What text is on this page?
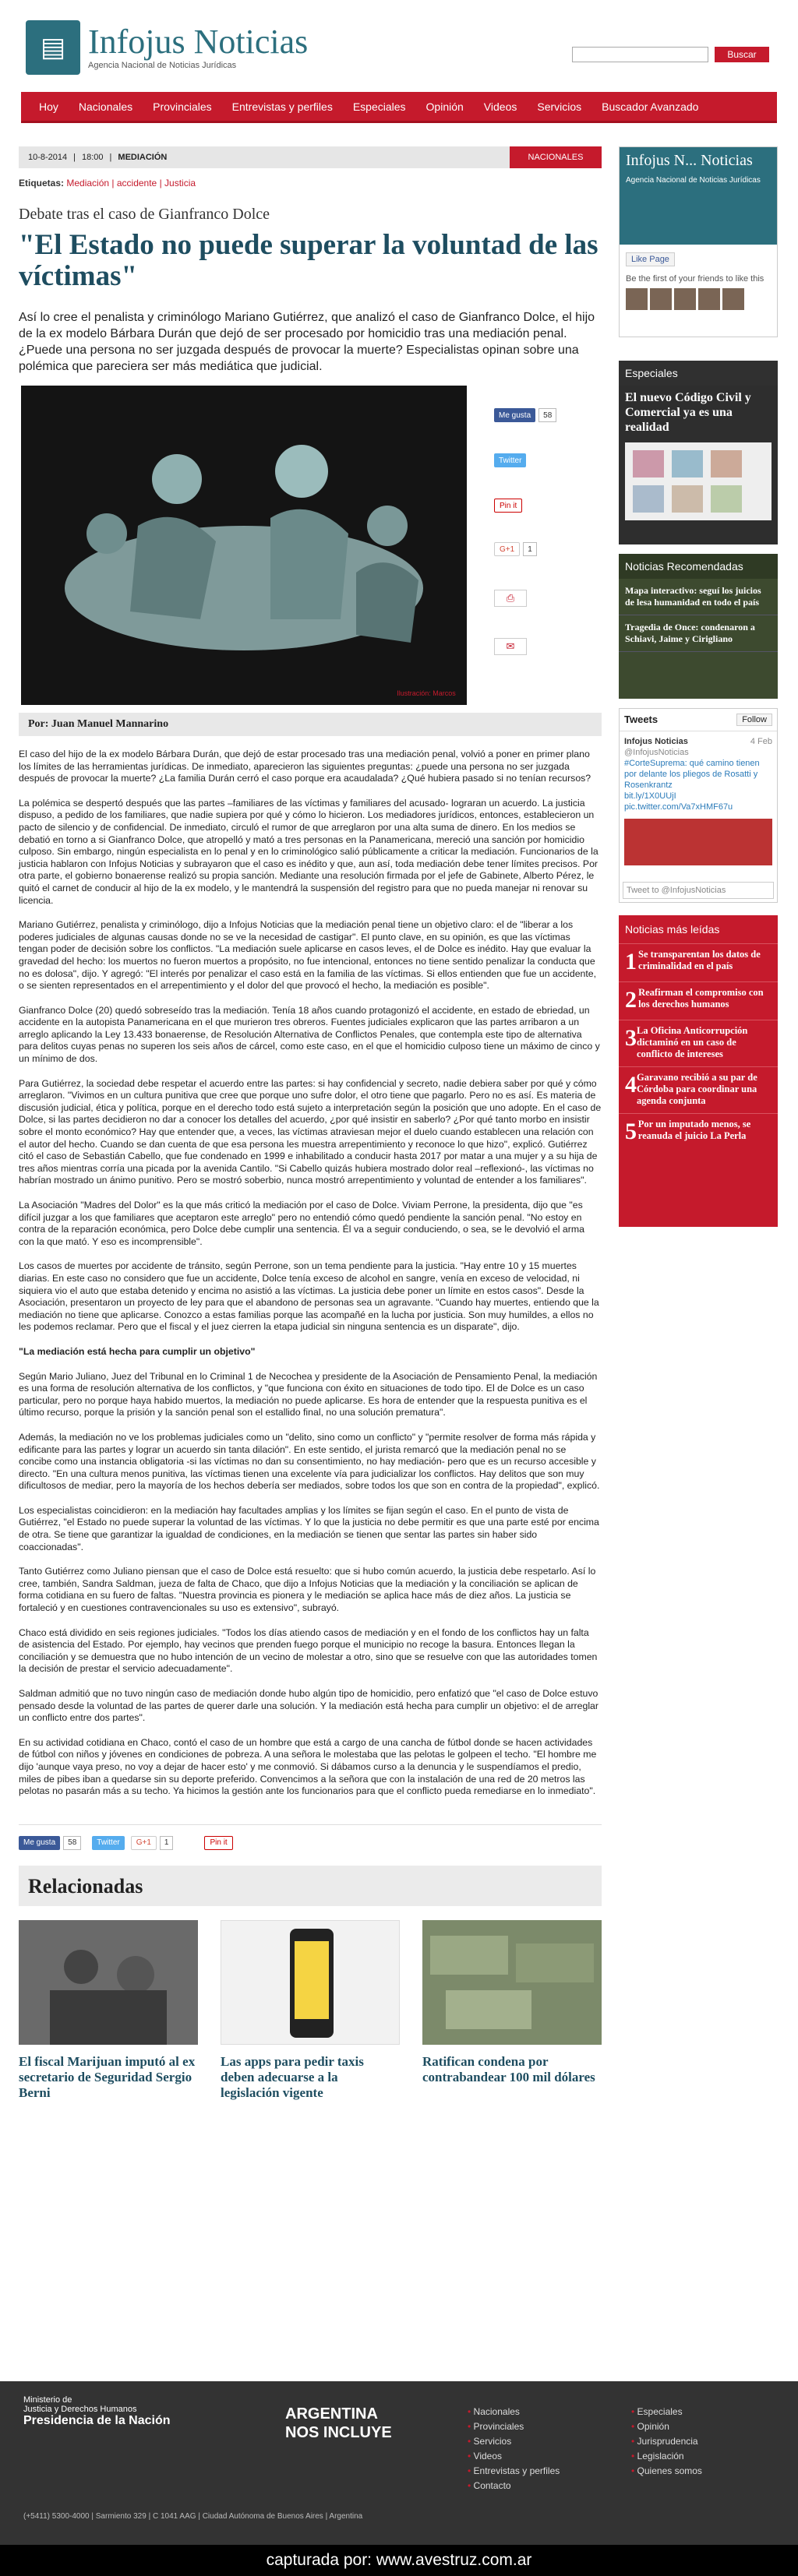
▤ Infojus Noticias
Agencia Nacional de Noticias Jurídicas
Buscar
Hoy	Nacionales	Provinciales	Entrevistas y perfiles	Especiales	Opinión	Videos	Servicios	Buscador Avanzado
10-8-2014 | 18:00 | MEDIACIÓN	NACIONALES
Etiquetas: Mediación | accidente | Justicia
Debate tras el caso de Gianfranco Dolce
"El Estado no puede superar la voluntad de las víctimas"
Así lo cree el penalista y criminólogo Mariano Gutiérrez, que analizó el caso de Gianfranco Dolce, el hijo de la ex modelo Bárbara Durán que dejó de ser procesado por homicidio tras una mediación penal. ¿Puede una persona no ser juzgada después de provocar la muerte? Especialistas opinan sobre una polémica que pareciera ser más mediática que judicial.
Ilustración: Marcos
Me gusta	58
Twitter
Pin it
G+1	1
⎙
✉
Por: Juan Manuel Mannarino

El caso del hijo de la ex modelo Bárbara Durán, que dejó de estar procesado tras una mediación penal, volvió a poner en primer plano los límites de las herramientas jurídicas. De inmediato, aparecieron las siguientes preguntas: ¿puede una persona no ser juzgada después de provocar la muerte? ¿La familia Durán cerró el caso porque era acaudalada? ¿Qué hubiera pasado si no tenían recursos?

La polémica se despertó después que las partes –familiares de las víctimas y familiares del acusado- lograran un acuerdo. La justicia dispuso, a pedido de los familiares, que nadie supiera por qué y cómo lo hicieron. Los mediadores jurídicos, entonces, establecieron un pacto de silencio y de confidencial. De inmediato, circuló el rumor de que arreglaron por una alta suma de dinero. En los medios se debatió en torno a si Gianfranco Dolce, que atropelló y mató a tres personas en la Panamericana, mereció una sanción por homicidio culposo. Sin embargo, ningún especialista en lo penal y en lo criminológico salió públicamente a criticar la mediación. Funcionarios de la justicia hablaron con Infojus Noticias y subrayaron que el caso es inédito y que, aun así, toda mediación debe tener límites precisos. Por otra parte, el gobierno bonaerense realizó su propia sanción. Mediante una resolución firmada por el jefe de Gabinete, Alberto Pérez, le quitó el carnet de conducir al hijo de la ex modelo, y le mantendrá la suspensión del registro para que no pueda manejar ni renovar su licencia.

Mariano Gutiérrez, penalista y criminólogo, dijo a Infojus Noticias que la mediación penal tiene un objetivo claro: el de "liberar a los poderes judiciales de algunas causas donde no se ve la necesidad de castigar". El punto clave, en su opinión, es que las víctimas tengan poder de decisión sobre los conflictos. "La mediación suele aplicarse en casos leves, el de Dolce es inédito. Hay que evaluar la gravedad del hecho: los muertos no fueron muertos a propósito, no fue intencional, entonces no tiene sentido penalizar la conducta que no es dolosa", dijo. Y agregó: "El interés por penalizar el caso está en la familia de las víctimas. Si ellos entienden que fue un accidente, o se sienten representados en el arrepentimiento y el dolor del que provocó el hecho, la mediación es posible".

Gianfranco Dolce (20) quedó sobreseído tras la mediación. Tenía 18 años cuando protagonizó el accidente, en estado de ebriedad, un accidente en la autopista Panamericana en el que murieron tres obreros. Fuentes judiciales explicaron que las partes arribaron a un arreglo aplicando la Ley 13.433 bonaerense, de Resolución Alternativa de Conflictos Penales, que contempla este tipo de alternativa para delitos cuyas penas no superen los seis años de cárcel, como este caso, en el que el homicidio culposo tiene un máximo de cinco y un mínimo de dos.

Para Gutiérrez, la sociedad debe respetar el acuerdo entre las partes: si hay confidencial y secreto, nadie debiera saber por qué y cómo arreglaron. "Vivimos en un cultura punitiva que cree que porque uno sufre dolor, el otro tiene que pagarlo. Pero no es así. Es materia de discusión judicial, ética y política, porque en el derecho todo está sujeto a interpretación según la posición que uno adopte. En el caso de Dolce, si las partes decidieron no dar a conocer los detalles del acuerdo, ¿por qué insistir en saberlo? ¿Por qué tanto morbo en insistir sobre el monto económico? Hay que entender que, a veces, las víctimas atraviesan mejor el duelo cuando establecen una relación con el autor del hecho. Cuando se dan cuenta de que esa persona les muestra arrepentimiento y reconoce lo que hizo", explicó. Gutiérrez citó el caso de Sebastián Cabello, que fue condenado en 1999 e inhabilitado a conducir hasta 2017 por matar a una mujer y a su hija de tres años mientras corría una picada por la avenida Cantilo. "Si Cabello quizás hubiera mostrado dolor real –reflexionó-, las víctimas no habrían mostrado un ánimo punitivo. Pero se mostró soberbio, nunca mostró arrepentimiento y voluntad de entender a los familiares".

La Asociación "Madres del Dolor" es la que más criticó la mediación por el caso de Dolce. Viviam Perrone, la presidenta, dijo que "es difícil juzgar a los que familiares que aceptaron este arreglo" pero no entendió cómo quedó pendiente la sanción penal. "No estoy en contra de la reparación económica, pero Dolce debe cumplir una sentencia. Él va a seguir conduciendo, o sea, se le devolvió el arma con la que mató. Y eso es incomprensible".

Los casos de muertes por accidente de tránsito, según Perrone, son un tema pendiente para la justicia. "Hay entre 10 y 15 muertes diarias. En este caso no considero que fue un accidente, Dolce tenía exceso de alcohol en sangre, venía en exceso de velocidad, ni siquiera vio el auto que estaba detenido y encima no asistió a las víctimas. La justicia debe poner un límite en estos casos". Desde la Asociación, presentaron un proyecto de ley para que el abandono de personas sea un agravante. "Cuando hay muertes, entiendo que la mediación no tiene que aplicarse. Conozco a estas familias porque las acompañé en la lucha por justicia. Son muy humildes, a ellos no les podemos reclamar. Pero que el fiscal y el juez cierren la etapa judicial sin ninguna sentencia es un disparate", dijo.

"La mediación está hecha para cumplir un objetivo"

Según Mario Juliano, Juez del Tribunal en lo Criminal 1 de Necochea y presidente de la Asociación de Pensamiento Penal, la mediación es una forma de resolución alternativa de los conflictos, y "que funciona con éxito en situaciones de todo tipo. El de Dolce es un caso particular, pero no porque haya habido muertos, la mediación no puede aplicarse. Es hora de entender que la respuesta punitiva es el último recurso, porque la prisión y la sanción penal son el estallido final, no una solución prematura".

Además, la mediación no ve los problemas judiciales como un "delito, sino como un conflicto" y "permite resolver de forma más rápida y edificante para las partes y lograr un acuerdo sin tanta dilación". En este sentido, el jurista remarcó que la mediación penal no se concibe como una instancia obligatoria -si las víctimas no dan su consentimiento, no hay mediación- pero que es un recurso accesible y directo. "En una cultura menos punitiva, las víctimas tienen una excelente vía para judicializar los conflictos. Hay delitos que son muy dificultosos de mediar, pero la mayoría de los hechos debería ser mediados, sobre todos los que son en contra de la propiedad", explicó.

Los especialistas coincidieron: en la mediación hay facultades amplias y los límites se fijan según el caso. En el punto de vista de Gutiérrez, "el Estado no puede superar la voluntad de las víctimas. Y lo que la justicia no debe permitir es que una parte esté por encima de otra. Se tiene que garantizar la igualdad de condiciones, en la mediación se tienen que sentar las partes sin haber sido coaccionadas".

Tanto Gutiérrez como Juliano piensan que el caso de Dolce está resuelto: que si hubo común acuerdo, la justicia debe respetarlo. Así lo cree, también, Sandra Saldman, jueza de falta de Chaco, que dijo a Infojus Noticias que la mediación y la conciliación se aplican de forma cotidiana en su fuero de faltas. "Nuestra provincia es pionera y le mediación se aplica hace más de diez años. La justicia se fortaleció y en cuestiones contravencionales su uso es extensivo", subrayó.

Chaco está dividido en seis regiones judiciales. "Todos los días atiendo casos de mediación y en el fondo de los conflictos hay un falta de asistencia del Estado. Por ejemplo, hay vecinos que prenden fuego porque el municipio no recoge la basura. Entonces llegan la conciliación y se demuestra que no hubo intención de un vecino de molestar a otro, sino que se resuelve con que las autoridades tomen la decisión de prestar el servicio adecuadamente".

Saldman admitió que no tuvo ningún caso de mediación donde hubo algún tipo de homicidio, pero enfatizó que "el caso de Dolce estuvo pensado desde la voluntad de las partes de querer darle una solución. Y la mediación está hecha para cumplir un objetivo: el de arreglar un conflicto entre dos partes".

En su actividad cotidiana en Chaco, contó el caso de un hombre que está a cargo de una cancha de fútbol donde se hacen actividades de fútbol con niños y jóvenes en condiciones de pobreza. A una señora le molestaba que las pelotas le golpeen el techo. "El hombre me dijo 'aunque vaya preso, no voy a dejar de hacer esto' y me conmovió. Si dábamos curso a la denuncia y le suspendíamos el predio, miles de pibes iban a quedarse sin su deporte preferido. Convencimos a la señora que con la instalación de una red de 20 metros las pelotas no pasarán más a su techo. Ya hicimos la gestión ante los funcionarios para que el conflicto pueda remediarse en lo inmediato".

Me gusta	58	Twitter	G+1	1	Pin it
Relacionadas
El fiscal Marijuan imputó al ex secretario de Seguridad Sergio Berni
Las apps para pedir taxis deben adecuarse a la legislación vigente
Ratifican condena por contrabandear 100 mil dólares
Infojus N... Noticias
Agencia Nacional de Noticias Jurídicas
Like Page
Be the first of your friends to like this
Especiales
El nuevo Código Civil y Comercial ya es una realidad
Noticias Recomendadas
Mapa interactivo: seguí los juicios de lesa humanidad en todo el país
Tragedia de Once: condenaron a Schiavi, Jaime y Cirigliano
Tweets	Follow
Infojus Noticias	4 Feb

@InfojusNoticias
#CorteSuprema: qué camino tienen por delante los pliegos de Rosatti y Rosenkrantz
bit.ly/1X0UUjI pic.twitter.com/Va7xHMF67u
Tweet to @InfojusNoticias
Noticias más leídas
1 Se transparentan los datos de criminalidad en el país
2 Reafirman el compromiso con los derechos humanos
3 La Oficina Anticorrupción dictaminó en un caso de conflicto de intereses
4 Garavano recibió a su par de Córdoba para coordinar una agenda conjunta
5 Por un imputado menos, se reanuda el juicio La Perla
Ministerio de
Justicia y Derechos Humanos
Presidencia de la Nación	ARGENTINA
NOS INCLUYE
• Nacionales
• Provinciales
• Servicios
• Videos
• Entrevistas y perfiles
• Contacto
• Especiales
• Opinión
• Jurisprudencia
• Legislación
• Quienes somos
(+5411) 5300-4000 | Sarmiento 329 | C 1041 AAG | Ciudad Autónoma de Buenos Aires | Argentina
capturada por: www.avestruz.com.ar
